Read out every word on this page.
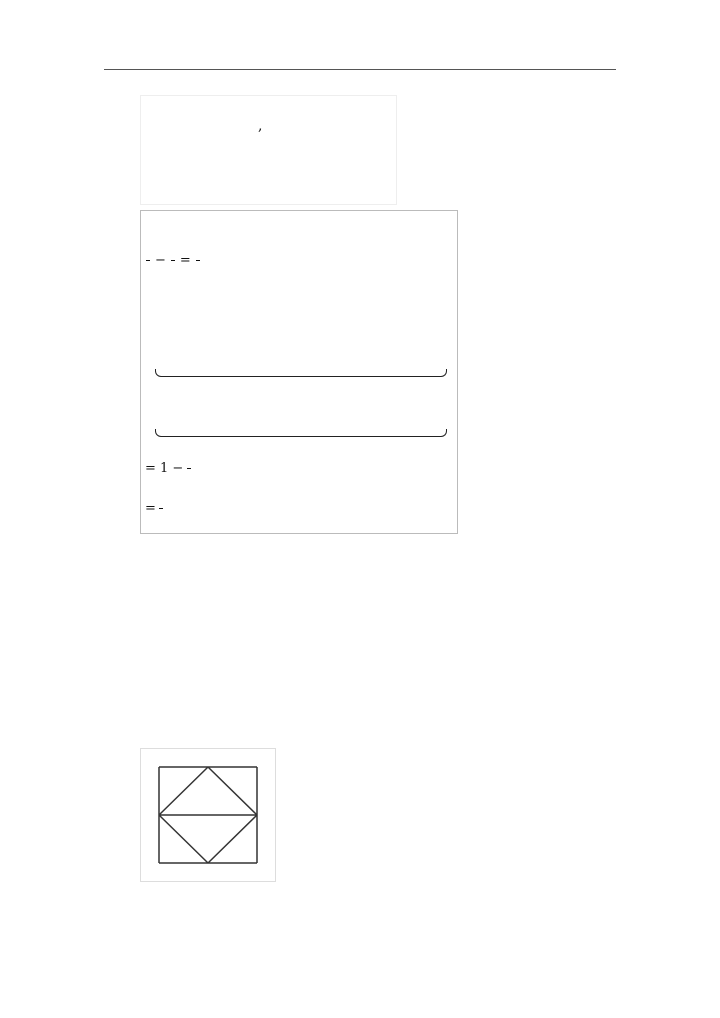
,
− =
= 1 −
=
